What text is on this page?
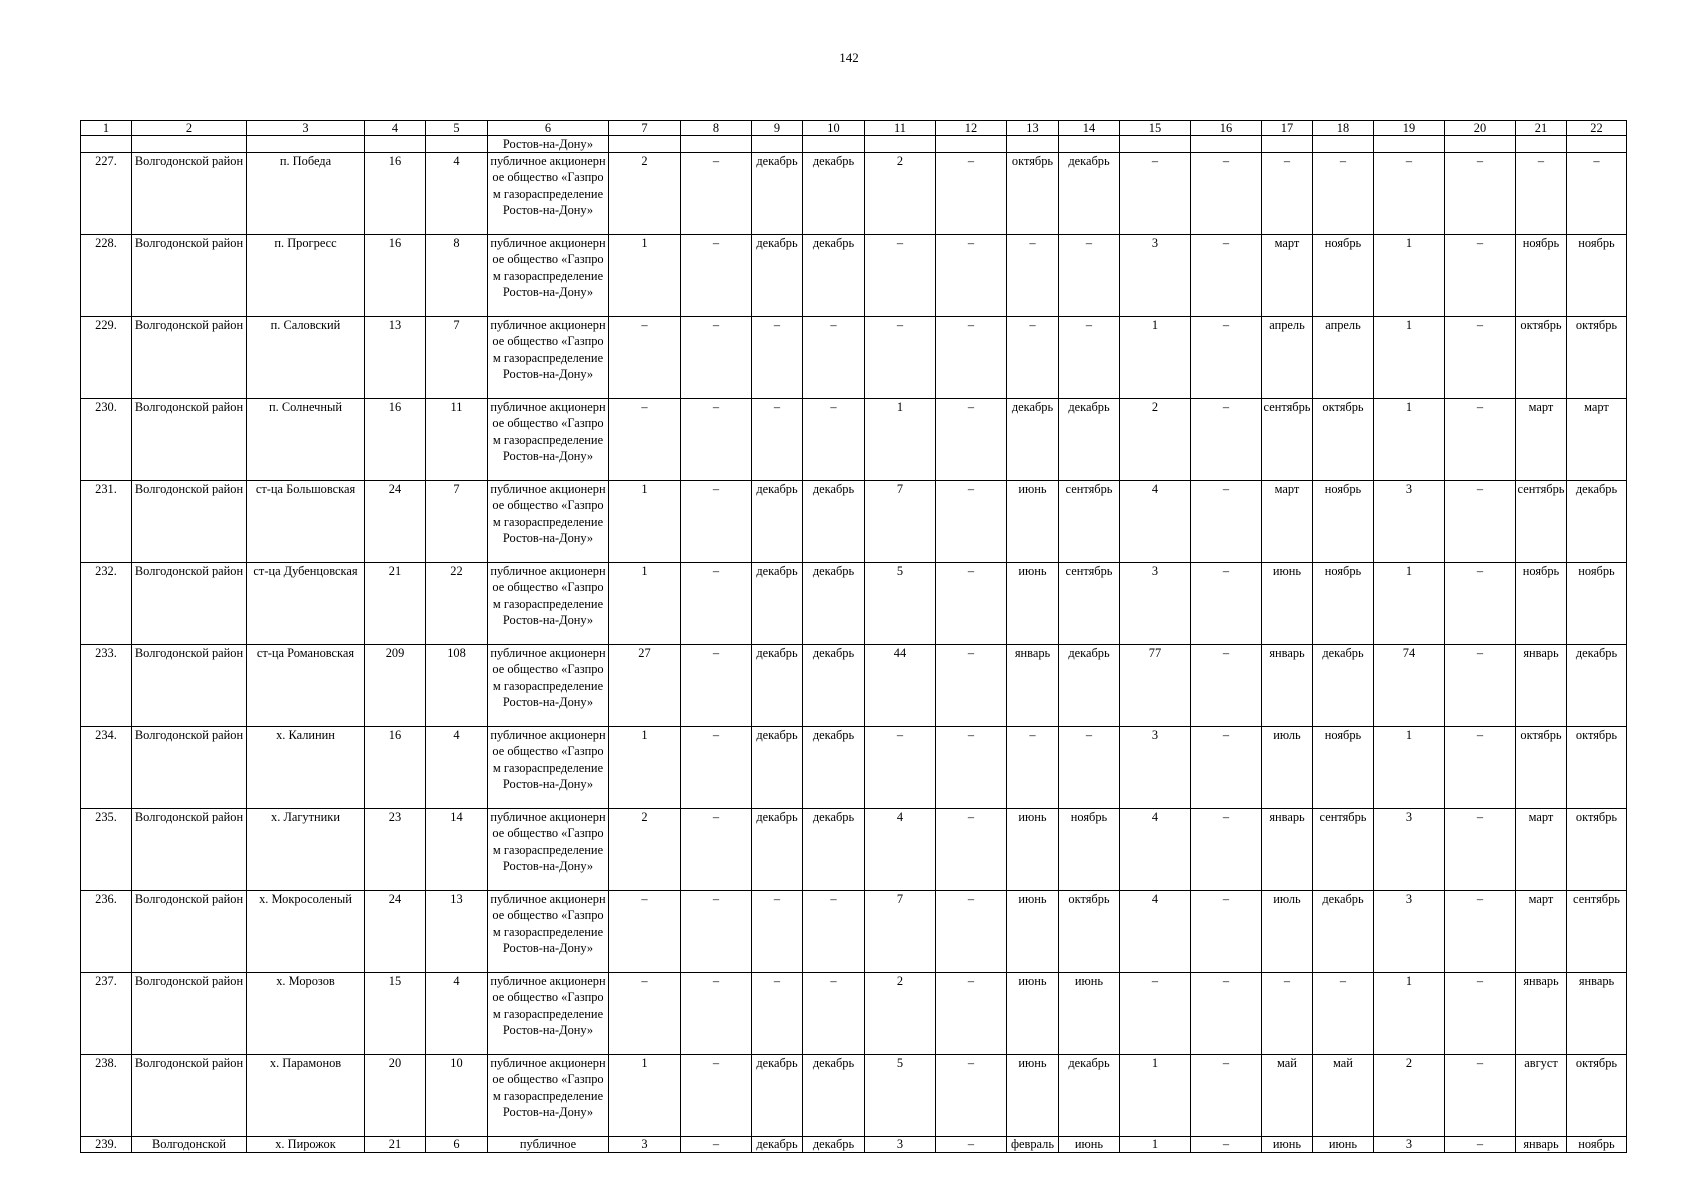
142
1	2	3	4	5	6	7	8	9	10	11	12	13	14	15	16	17	18	19	20	21	22
					Ростов-на-Дону»																
227.	Волгодонской район	п. Победа	16	4	публичное акционерное общество «Газпром газораспределение Ростов-на-Дону»	2	–	декабрь	декабрь	2	–	октябрь	декабрь	–	–	–	–	–	–	–	–
228.	Волгодонской район	п. Прогресс	16	8	публичное акционерное общество «Газпром газораспределение Ростов-на-Дону»	1	–	декабрь	декабрь	–	–	–	–	3	–	март	ноябрь	1	–	ноябрь	ноябрь
229.	Волгодонской район	п. Саловский	13	7	публичное акционерное общество «Газпром газораспределение Ростов-на-Дону»	–	–	–	–	–	–	–	–	1	–	апрель	апрель	1	–	октябрь	октябрь
230.	Волгодонской район	п. Солнечный	16	11	публичное акционерное общество «Газпром газораспределение Ростов-на-Дону»	–	–	–	–	1	–	декабрь	декабрь	2	–	сентябрь	октябрь	1	–	март	март
231.	Волгодонской район	ст-ца Большовская	24	7	публичное акционерное общество «Газпром газораспределение Ростов-на-Дону»	1	–	декабрь	декабрь	7	–	июнь	сентябрь	4	–	март	ноябрь	3	–	сентябрь	декабрь
232.	Волгодонской район	ст-ца Дубенцовская	21	22	публичное акционерное общество «Газпром газораспределение Ростов-на-Дону»	1	–	декабрь	декабрь	5	–	июнь	сентябрь	3	–	июнь	ноябрь	1	–	ноябрь	ноябрь
233.	Волгодонской район	ст-ца Романовская	209	108	публичное акционерное общество «Газпром газораспределение Ростов-на-Дону»	27	–	декабрь	декабрь	44	–	январь	декабрь	77	–	январь	декабрь	74	–	январь	декабрь
234.	Волгодонской район	х. Калинин	16	4	публичное акционерное общество «Газпром газораспределение Ростов-на-Дону»	1	–	декабрь	декабрь	–	–	–	–	3	–	июль	ноябрь	1	–	октябрь	октябрь
235.	Волгодонской район	х. Лагутники	23	14	публичное акционерное общество «Газпром газораспределение Ростов-на-Дону»	2	–	декабрь	декабрь	4	–	июнь	ноябрь	4	–	январь	сентябрь	3	–	март	октябрь
236.	Волгодонской район	х. Мокросоленый	24	13	публичное акционерное общество «Газпром газораспределение Ростов-на-Дону»	–	–	–	–	7	–	июнь	октябрь	4	–	июль	декабрь	3	–	март	сентябрь
237.	Волгодонской район	х. Морозов	15	4	публичное акционерное общество «Газпром газораспределение Ростов-на-Дону»	–	–	–	–	2	–	июнь	июнь	–	–	–	–	1	–	январь	январь
238.	Волгодонской район	х. Парамонов	20	10	публичное акционерное общество «Газпром газораспределение Ростов-на-Дону»	1	–	декабрь	декабрь	5	–	июнь	декабрь	1	–	май	май	2	–	август	октябрь
239.	Волгодонской	х. Пирожок	21	6	публичное	3	–	декабрь	декабрь	3	–	февраль	июнь	1	–	июнь	июнь	3	–	январь	ноябрь
